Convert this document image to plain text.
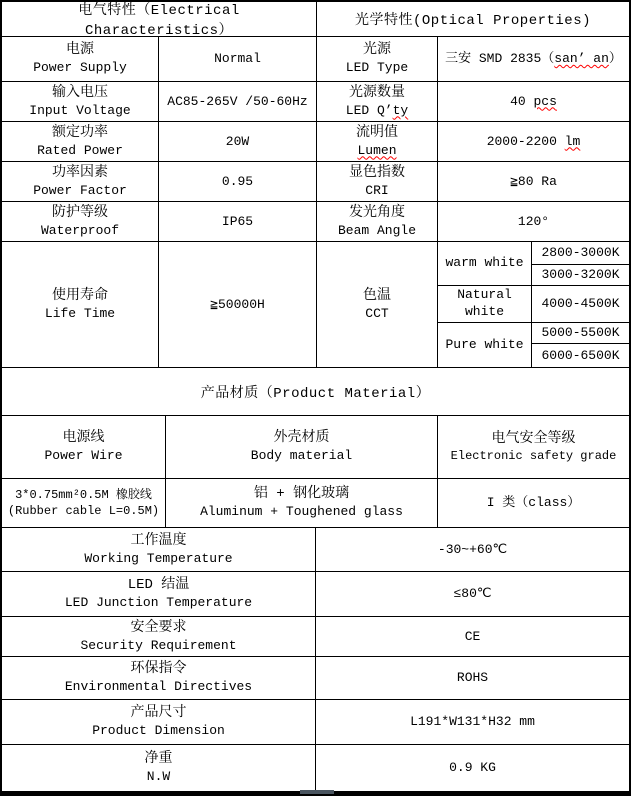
电气特性（Electrical Characteristics）
光学特性(Optical Properties)
电源
Power Supply
Normal
光源
LED Type
三安 SMD 2835（san’ an）
输入电压
Input Voltage
AC85-265V /50-60Hz
光源数量
LED Q’ty
40 pcs
额定功率
Rated Power
20W
流明值
Lumen
2000-2200 lm
功率因素
Power Factor
0.95
显色指数
CRI
≧80 Ra
防护等级
Waterproof
IP65
发光角度
Beam Angle
120°
使用寿命
Life Time
≧50000H
色温
CCT
warm white
Natural white
Pure white
2800-3000K
3000-3200K
4000-4500K
5000-5500K
6000-6500K
产品材质（Product Material）
电源线
Power Wire
外壳材质
Body material
电气安全等级
Electronic safety grade
3*0.75mm²0.5M 橡胶线
(Rubber cable L=0.5M)
铝 + 钢化玻璃
Aluminum + Toughened glass
I 类（class）
工作温度
Working Temperature
-30~+60℃
LED 结温
LED Junction Temperature
≤80℃
安全要求
Security Requirement
CE
环保指令
Environmental Directives
ROHS
产品尺寸
Product Dimension
L191*W131*H32 mm
净重
N.W
0.9 KG
